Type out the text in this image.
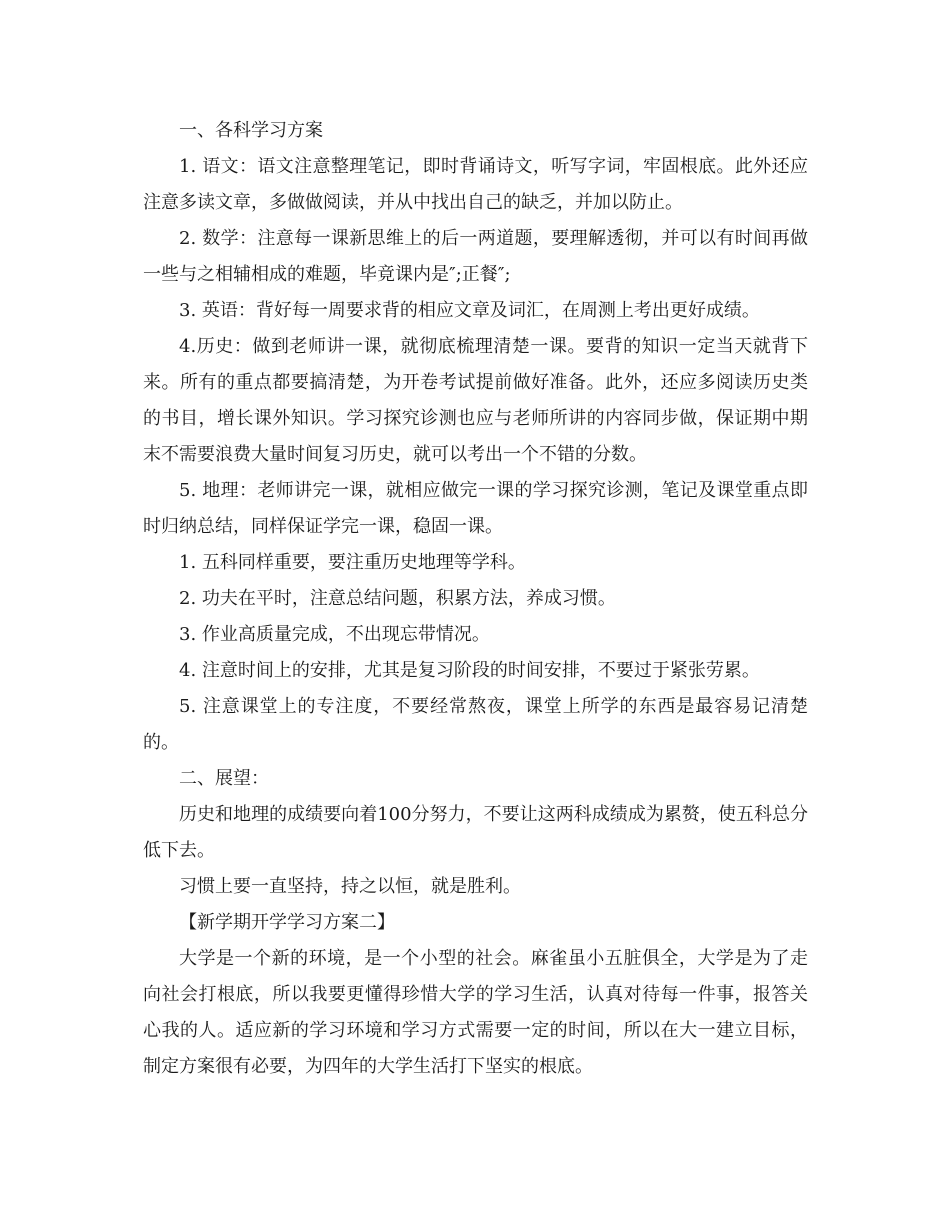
一、各科学习方案

1. 语文：语文注意整理笔记，即时背诵诗文，听写字词，牢固根底。此外还应注意多读文章，多做做阅读，并从中找出自己的缺乏，并加以防止。

2. 数学：注意每一课新思维上的后一两道题，要理解透彻，并可以有时间再做一些与之相辅相成的难题，毕竟课内是″;正餐″;

3. 英语：背好每一周要求背的相应文章及词汇，在周测上考出更好成绩。

4.历史：做到老师讲一课，就彻底梳理清楚一课。要背的知识一定当天就背下来。所有的重点都要搞清楚，为开卷考试提前做好准备。此外，还应多阅读历史类的书目，增长课外知识。学习探究诊测也应与老师所讲的内容同步做，保证期中期末不需要浪费大量时间复习历史，就可以考出一个不错的分数。

5. 地理：老师讲完一课，就相应做完一课的学习探究诊测，笔记及课堂重点即时归纳总结，同样保证学完一课，稳固一课。

1. 五科同样重要，要注重历史地理等学科。

2. 功夫在平时，注意总结问题，积累方法，养成习惯。

3. 作业高质量完成，不出现忘带情况。

4. 注意时间上的安排，尤其是复习阶段的时间安排，不要过于紧张劳累。

5. 注意课堂上的专注度，不要经常熬夜，课堂上所学的东西是最容易记清楚的。

二、展望：

历史和地理的成绩要向着100分努力，不要让这两科成绩成为累赘，使五科总分低下去。

习惯上要一直坚持，持之以恒，就是胜利。

【新学期开学学习方案二】

大学是一个新的环境，是一个小型的社会。麻雀虽小五脏俱全，大学是为了走向社会打根底，所以我要更懂得珍惜大学的学习生活，认真对待每一件事，报答关心我的人。适应新的学习环境和学习方式需要一定的时间，所以在大一建立目标，制定方案很有必要，为四年的大学生活打下坚实的根底。
